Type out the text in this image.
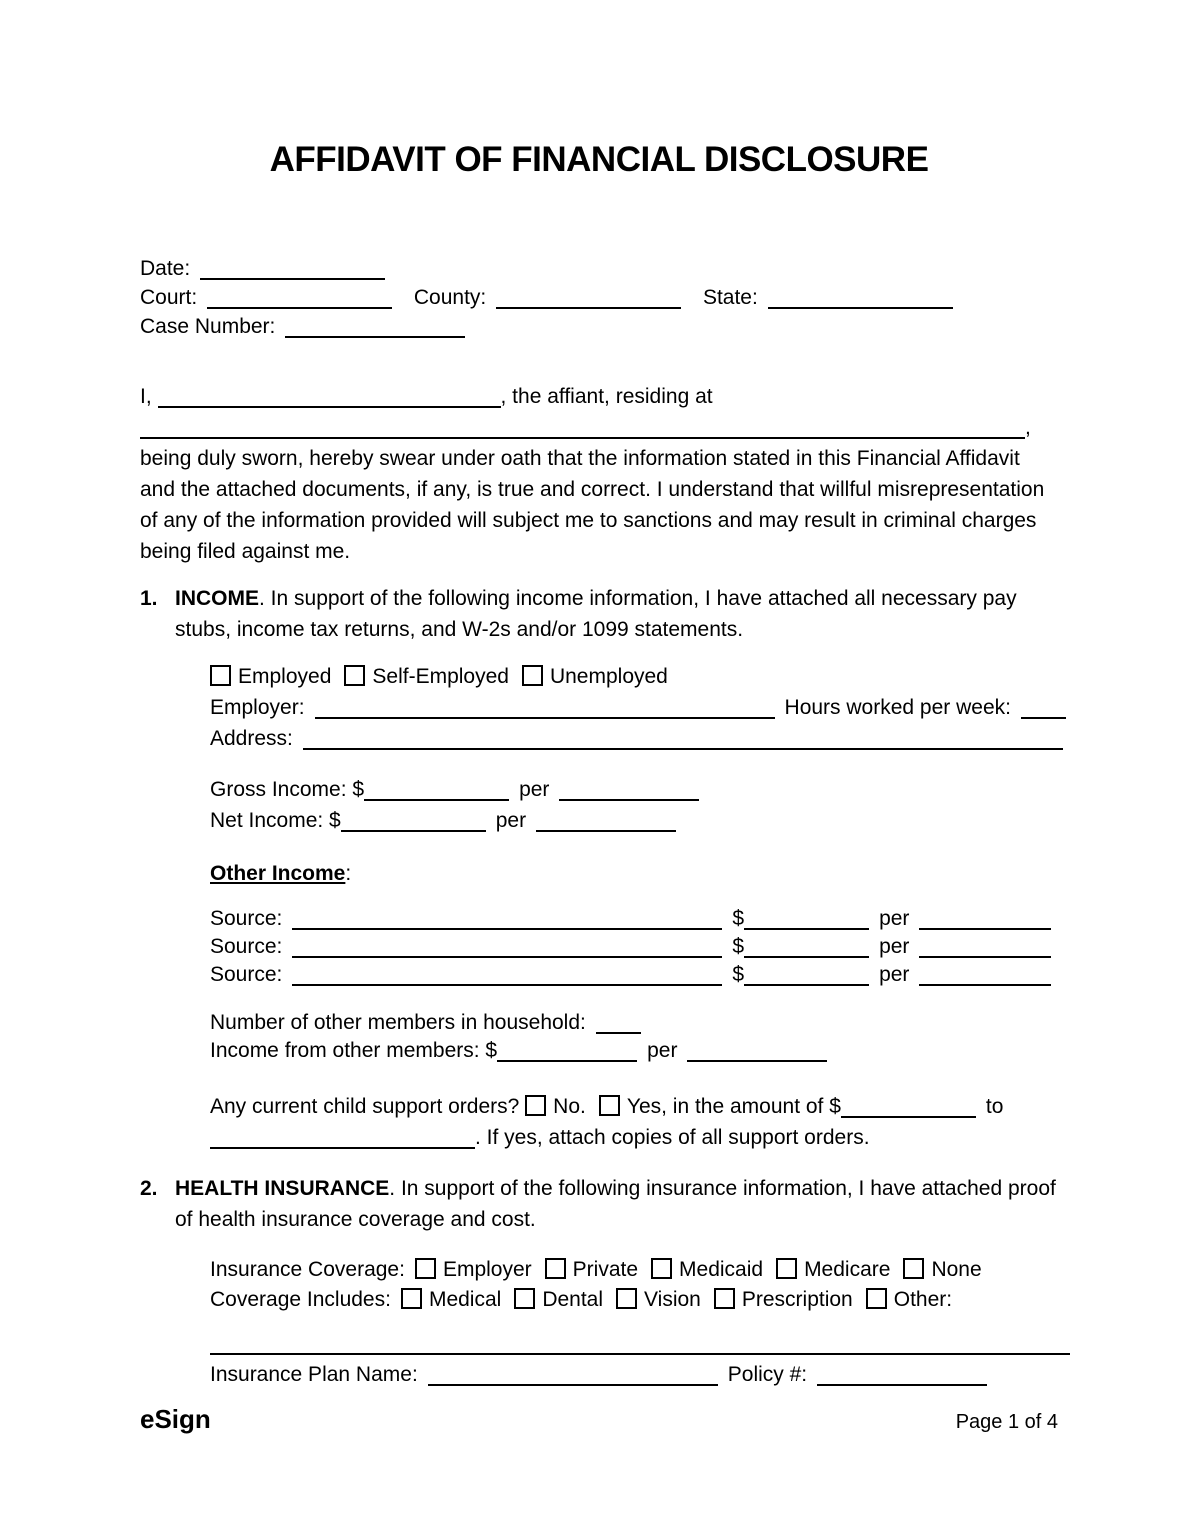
AFFIDAVIT OF FINANCIAL DISCLOSURE
Date:
Court:	County:	State:
Case Number:
I,	, the affiant, residing at
,

being duly sworn, hereby swear under oath that the information stated in this Financial Affidavit and the attached documents, if any, is true and correct. I understand that willful misrepresentation of any of the information provided will subject me to sanctions and may result in criminal charges being filed against me.

1. INCOME. In support of the following income information, I have attached all necessary pay stubs, income tax returns, and W-2s and/or 1099 statements.

Employed Self-Employed Unemployed
Employer:	Hours worked per week:
Address:
Gross Income: $	per
Net Income: $	per
Other Income:
Source:	$	per
Source:	$	per
Source:	$	per
Number of other members in household:
Income from other members: $	per
Any current child support orders? No. Yes, in the amount of $	to
. If yes, attach copies of all support orders.
2. HEALTH INSURANCE. In support of the following insurance information, I have attached proof of health insurance coverage and cost.

Insurance Coverage: Employer Private Medicaid Medicare None
Coverage Includes: Medical Dental Vision Prescription Other:
Insurance Plan Name:	Policy #:
eSign	Page 1 of 4
